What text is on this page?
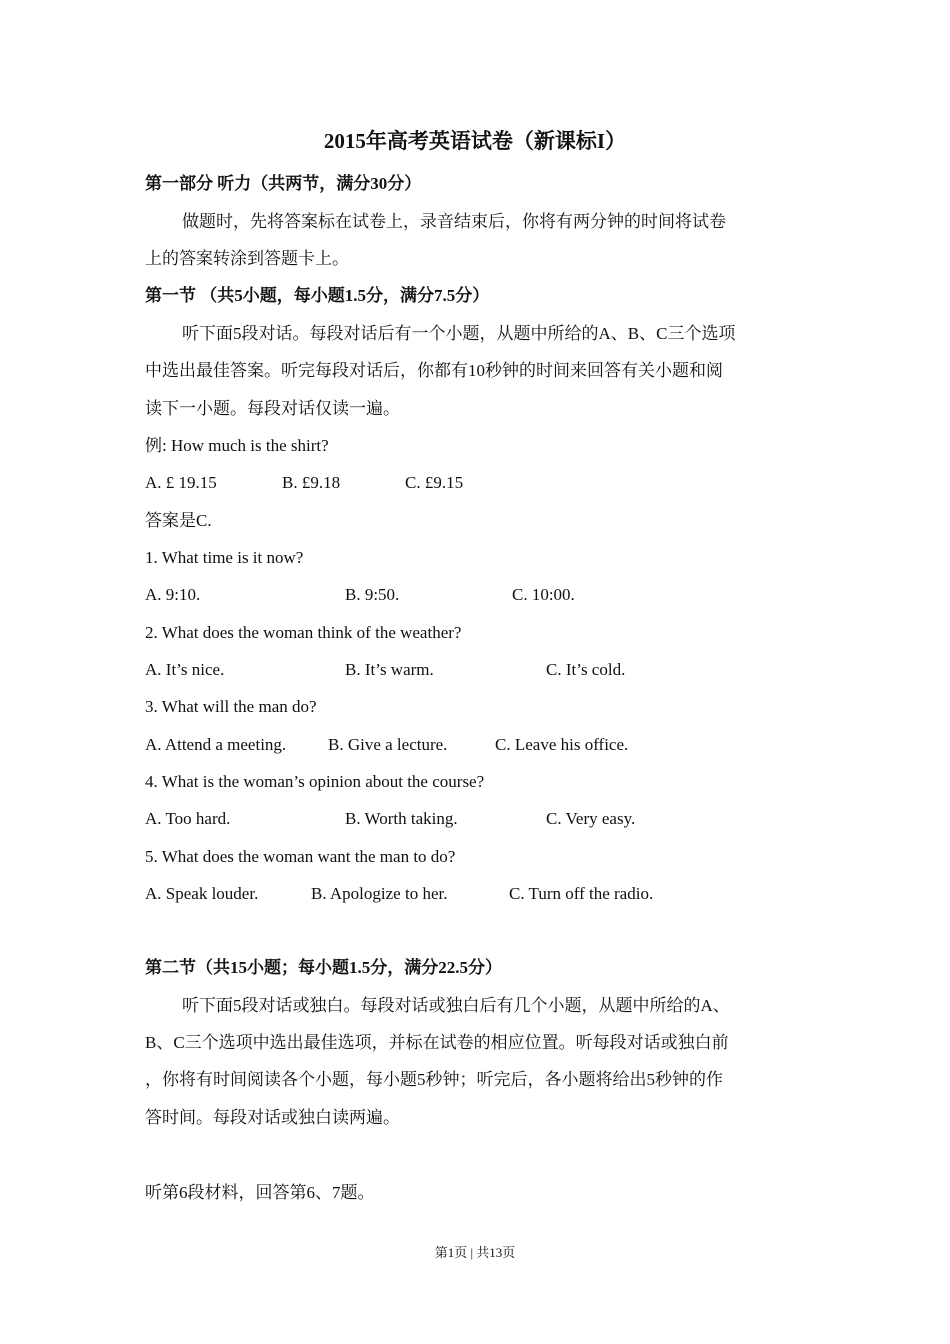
2015年高考英语试卷（新课标I）
第一部分 听力（共两节，满分30分）
做题时，先将答案标在试卷上，录音结束后，你将有两分钟的时间将试卷
上的答案转涂到答题卡上。
第一节 （共5小题，每小题1.5分，满分7.5分）
听下面5段对话。每段对话后有一个小题，从题中所给的A、B、C三个选项
中选出最佳答案。听完每段对话后，你都有10秒钟的时间来回答有关小题和阅
读下一小题。每段对话仅读一遍。
例: How much is the shirt?
A. £ 19.15	B. £9.18	C. £9.15
答案是C.
1. What time is it now?
A. 9:10.	B. 9:50.	C. 10:00.
2. What does the woman think of the weather?
A. It’s nice.	B. It’s warm.	C. It’s cold.
3. What will the man do?
A. Attend a meeting. B. Give a lecture.	C. Leave his office.
4. What is the woman’s opinion about the course?
A. Too hard.	B. Worth taking.	C. Very easy.
5. What does the woman want the man to do?
A. Speak louder.	B. Apologize to her.	C. Turn off the radio.
第二节（共15小题；每小题1.5分，满分22.5分）
听下面5段对话或独白。每段对话或独白后有几个小题，从题中所给的A、
B、C三个选项中选出最佳选项，并标在试卷的相应位置。听每段对话或独白前
，你将有时间阅读各个小题，每小题5秒钟；听完后，各小题将给出5秒钟的作
答时间。每段对话或独白读两遍。
听第6段材料，回答第6、7题。
第1页 | 共13页
